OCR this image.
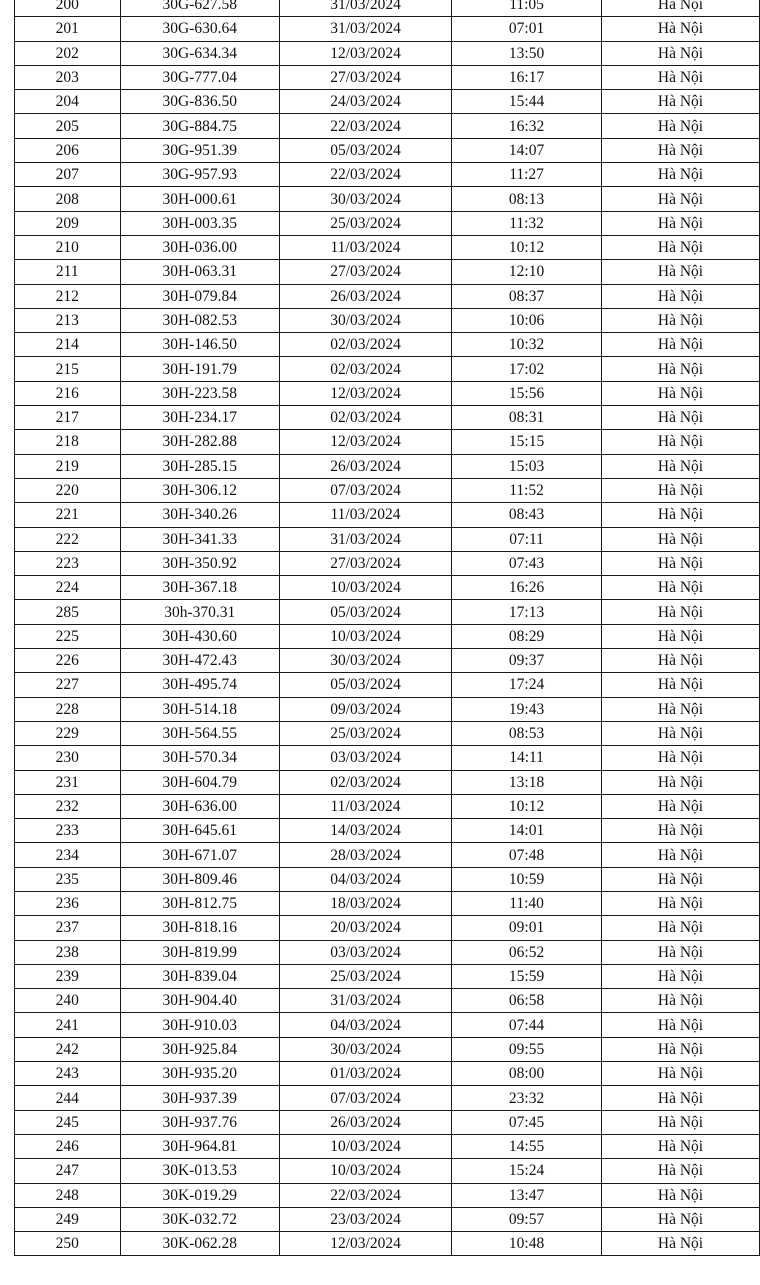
200	30G-627.58	31/03/2024	11:05	Hà Nội
201	30G-630.64	31/03/2024	07:01	Hà Nội
202	30G-634.34	12/03/2024	13:50	Hà Nội
203	30G-777.04	27/03/2024	16:17	Hà Nội
204	30G-836.50	24/03/2024	15:44	Hà Nội
205	30G-884.75	22/03/2024	16:32	Hà Nội
206	30G-951.39	05/03/2024	14:07	Hà Nội
207	30G-957.93	22/03/2024	11:27	Hà Nội
208	30H-000.61	30/03/2024	08:13	Hà Nội
209	30H-003.35	25/03/2024	11:32	Hà Nội
210	30H-036.00	11/03/2024	10:12	Hà Nội
211	30H-063.31	27/03/2024	12:10	Hà Nội
212	30H-079.84	26/03/2024	08:37	Hà Nội
213	30H-082.53	30/03/2024	10:06	Hà Nội
214	30H-146.50	02/03/2024	10:32	Hà Nội
215	30H-191.79	02/03/2024	17:02	Hà Nội
216	30H-223.58	12/03/2024	15:56	Hà Nội
217	30H-234.17	02/03/2024	08:31	Hà Nội
218	30H-282.88	12/03/2024	15:15	Hà Nội
219	30H-285.15	26/03/2024	15:03	Hà Nội
220	30H-306.12	07/03/2024	11:52	Hà Nội
221	30H-340.26	11/03/2024	08:43	Hà Nội
222	30H-341.33	31/03/2024	07:11	Hà Nội
223	30H-350.92	27/03/2024	07:43	Hà Nội
224	30H-367.18	10/03/2024	16:26	Hà Nội
285	30h-370.31	05/03/2024	17:13	Hà Nội
225	30H-430.60	10/03/2024	08:29	Hà Nội
226	30H-472.43	30/03/2024	09:37	Hà Nội
227	30H-495.74	05/03/2024	17:24	Hà Nội
228	30H-514.18	09/03/2024	19:43	Hà Nội
229	30H-564.55	25/03/2024	08:53	Hà Nội
230	30H-570.34	03/03/2024	14:11	Hà Nội
231	30H-604.79	02/03/2024	13:18	Hà Nội
232	30H-636.00	11/03/2024	10:12	Hà Nội
233	30H-645.61	14/03/2024	14:01	Hà Nội
234	30H-671.07	28/03/2024	07:48	Hà Nội
235	30H-809.46	04/03/2024	10:59	Hà Nội
236	30H-812.75	18/03/2024	11:40	Hà Nội
237	30H-818.16	20/03/2024	09:01	Hà Nội
238	30H-819.99	03/03/2024	06:52	Hà Nội
239	30H-839.04	25/03/2024	15:59	Hà Nội
240	30H-904.40	31/03/2024	06:58	Hà Nội
241	30H-910.03	04/03/2024	07:44	Hà Nội
242	30H-925.84	30/03/2024	09:55	Hà Nội
243	30H-935.20	01/03/2024	08:00	Hà Nội
244	30H-937.39	07/03/2024	23:32	Hà Nội
245	30H-937.76	26/03/2024	07:45	Hà Nội
246	30H-964.81	10/03/2024	14:55	Hà Nội
247	30K-013.53	10/03/2024	15:24	Hà Nội
248	30K-019.29	22/03/2024	13:47	Hà Nội
249	30K-032.72	23/03/2024	09:57	Hà Nội
250	30K-062.28	12/03/2024	10:48	Hà Nội
